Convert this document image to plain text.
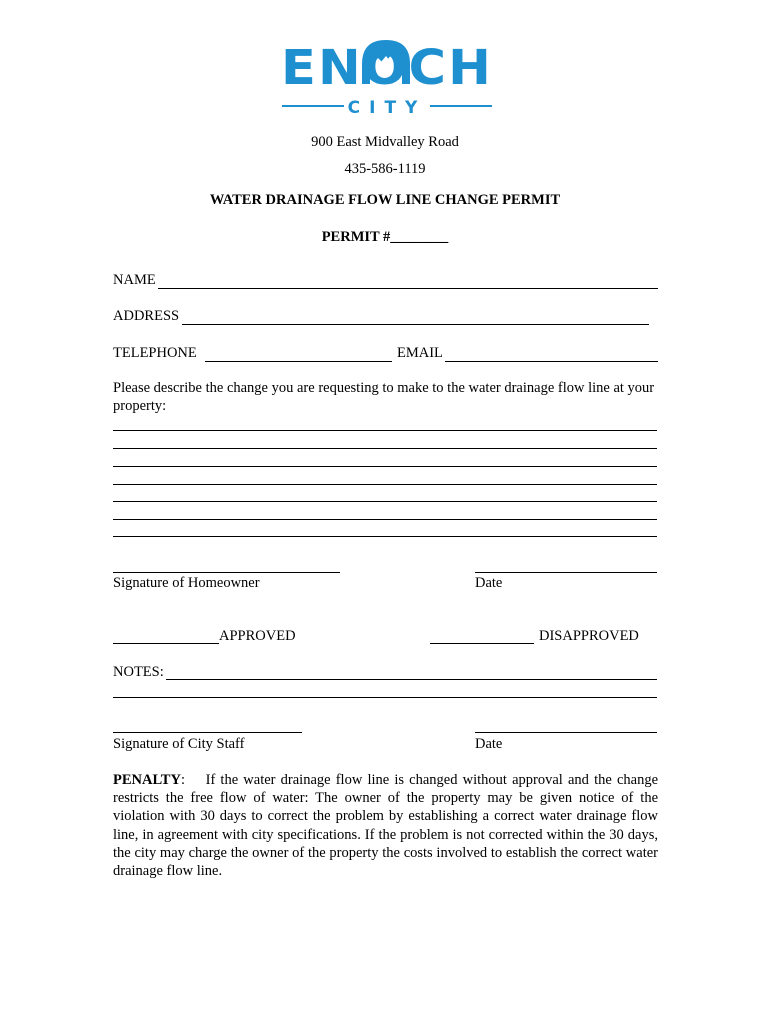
ENOCH
CITY
900 East Midvalley Road
435-586-1119
WATER DRAINAGE FLOW LINE CHANGE PERMIT
PERMIT #________
NAME
ADDRESS
TELEPHONE	EMAIL
Please describe the change you are requesting to make to the water drainage flow line at your property:
Signature of Homeowner	Date
APPROVED	DISAPPROVED
NOTES:
Signature of City Staff	Date
PENALTY:    If the water drainage flow line is changed without approval and the change restricts the free flow of water: The owner of the property may be given notice of the violation with 30 days to correct the problem by establishing a correct water drainage flow line, in agreement with city specifications. If the problem is not corrected within the 30 days, the city may charge the owner of the property the costs involved to establish the correct water drainage flow line.
